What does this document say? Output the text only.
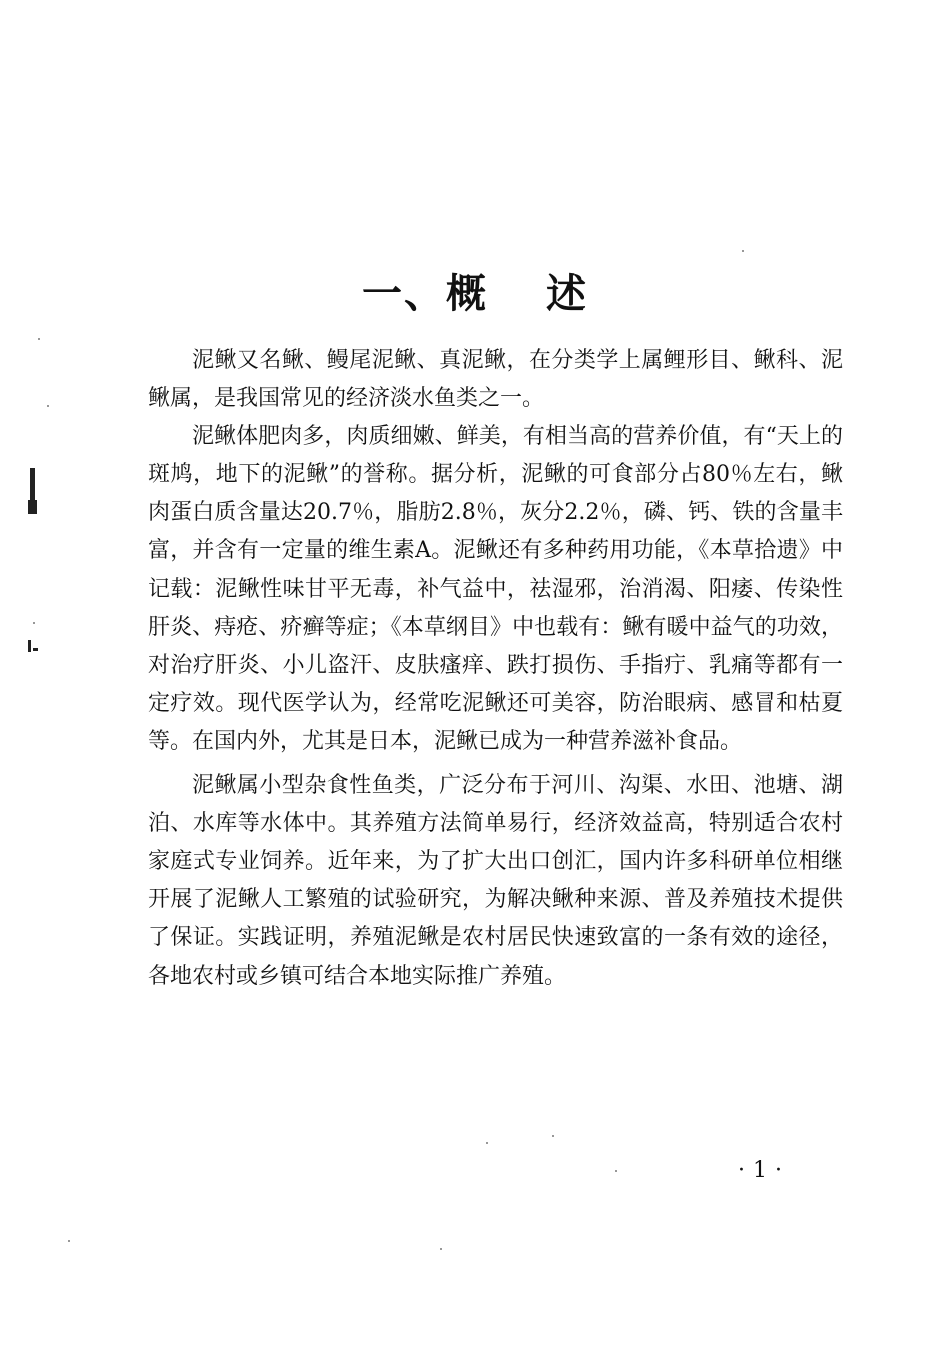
一、概 述

泥鳅又名鳅、鳗尾泥鳅、真泥鳅，在分类学上属鲤形目、鳅科、泥鳅属，是我国常见的经济淡水鱼类之一。

泥鳅体肥肉多，肉质细嫩、鲜美，有相当高的营养价值，有“天上的斑鸠，地下的泥鳅”的誉称。据分析，泥鳅的可食部分占80％左右，鳅肉蛋白质含量达20.7％，脂肪2.8％，灰分2.2％，磷、钙、铁的含量丰富，并含有一定量的维生素A。泥鳅还有多种药用功能，《本草拾遗》中记载：泥鳅性味甘平无毒，补气益中，祛湿邪，治消渴、阳痿、传染性肝炎、痔疮、疥癣等症；《本草纲目》中也载有：鳅有暖中益气的功效，对治疗肝炎、小儿盗汗、皮肤瘙痒、跌打损伤、手指疔、乳痛等都有一定疗效。现代医学认为，经常吃泥鳅还可美容，防治眼病、感冒和枯夏等。在国内外，尤其是日本，泥鳅已成为一种营养滋补食品。

泥鳅属小型杂食性鱼类，广泛分布于河川、沟渠、水田、池塘、湖泊、水库等水体中。其养殖方法简单易行，经济效益高，特别适合农村家庭式专业饲养。近年来，为了扩大出口创汇，国内许多科研单位相继开展了泥鳅人工繁殖的试验研究，为解决鳅种来源、普及养殖技术提供了保证。实践证明，养殖泥鳅是农村居民快速致富的一条有效的途径，各地农村或乡镇可结合本地实际推广养殖。

·1·
